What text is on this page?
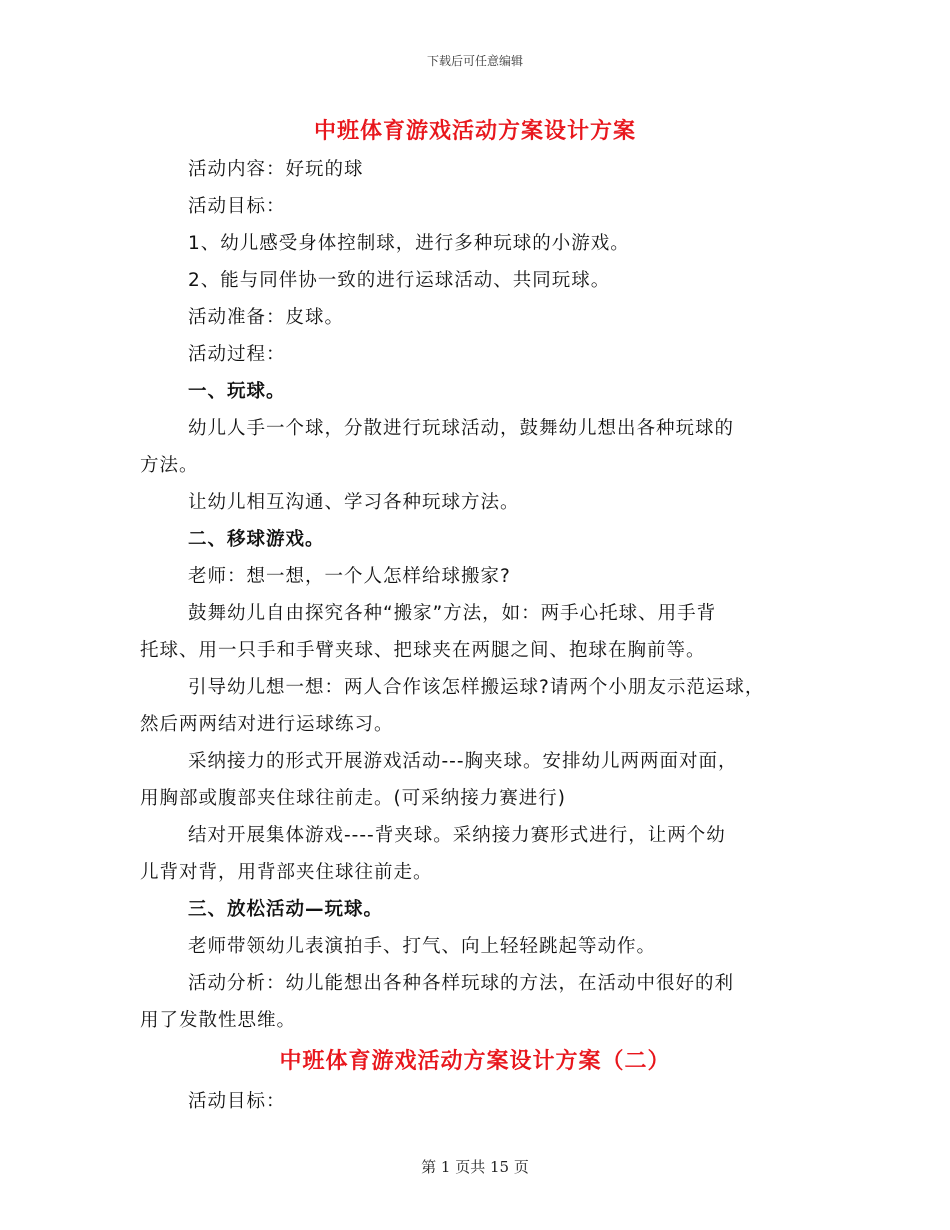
下载后可任意编辑
中班体育游戏活动方案设计方案

活动内容：好玩的球

活动目标：

1、幼儿感受身体控制球，进行多种玩球的小游戏。

2、能与同伴协一致的进行运球活动、共同玩球。

活动准备：皮球。

活动过程：

一、玩球。

幼儿人手一个球，分散进行玩球活动，鼓舞幼儿想出各种玩球的

方法。

让幼儿相互沟通、学习各种玩球方法。

二、移球游戏。

老师：想一想，一个人怎样给球搬家?

鼓舞幼儿自由探究各种“搬家”方法，如：两手心托球、用手背

托球、用一只手和手臂夹球、把球夹在两腿之间、抱球在胸前等。

引导幼儿想一想：两人合作该怎样搬运球?请两个小朋友示范运球，

然后两两结对进行运球练习。

采纳接力的形式开展游戏活动---胸夹球。安排幼儿两两面对面，

用胸部或腹部夹住球往前走。(可采纳接力赛进行)

结对开展集体游戏----背夹球。采纳接力赛形式进行，让两个幼

儿背对背，用背部夹住球往前走。

三、放松活动—玩球。

老师带领幼儿表演拍手、打气、向上轻轻跳起等动作。

活动分析：幼儿能想出各种各样玩球的方法，在活动中很好的利

用了发散性思维。

中班体育游戏活动方案设计方案（二）

活动目标：

第 1 页共 15 页
